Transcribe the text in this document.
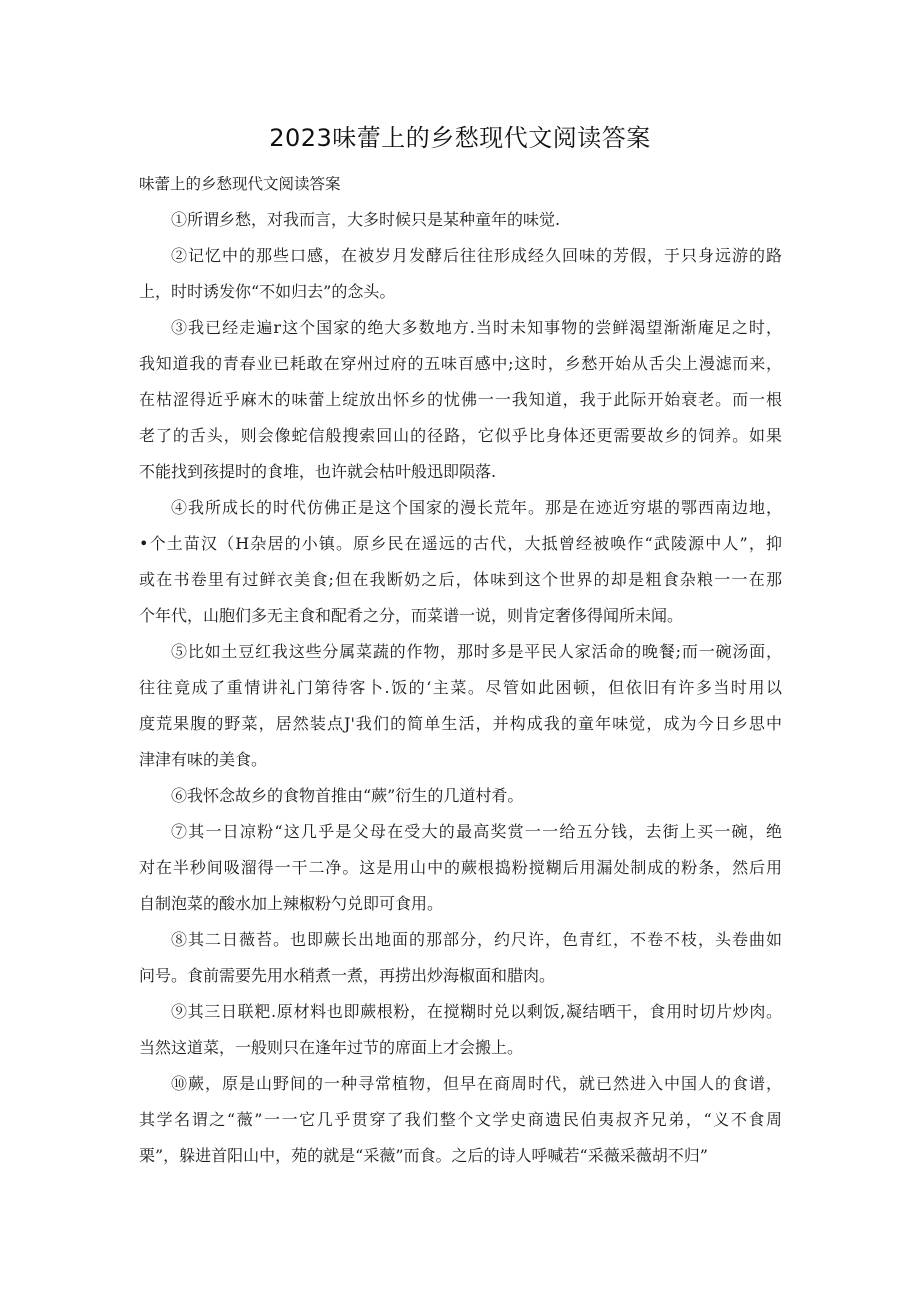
2023味蕾上的乡愁现代文阅读答案

味蕾上的乡愁现代文阅读答案

①所谓乡愁，对我而言，大多时候只是某种童年的味觉.

②记忆中的那些口感，在被岁月发酵后往往形成经久回味的芳假，于只身远游的路
上，时时诱发你“不如归去”的念头。

③我已经走遍r这个国家的绝大多数地方.当时未知事物的尝鲜渴望渐渐庵足之时，
我知道我的青春业已耗敢在穿州过府的五味百感中;这时，乡愁开始从舌尖上漫滤而来，
在枯涩得近乎麻木的味蕾上绽放出怀乡的忧佛一一我知道，我于此际开始衰老。而一根
老了的舌头，则会像蛇信般搜索回山的径路，它似乎比身体还更需要故乡的饲养。如果
不能找到孩提时的食堆，也许就会枯叶般迅即陨落.

④我所成长的时代仿佛正是这个国家的漫长荒年。那是在迹近穷堪的鄂西南边地，
•个土苗汉（H杂居的小镇。原乡民在遥远的古代，大抵曾经被唤作“武陵源中人”，抑
或在书卷里有过鲜衣美食;但在我断奶之后，体味到这个世界的却是粗食杂粮一一在那
个年代，山胞们多无主食和配肴之分，而菜谱一说，则肯定奢侈得闻所未闻。

⑤比如土豆红我这些分属菜蔬的作物，那时多是平民人家活命的晚餐;而一碗汤面，
往往竟成了重情讲礼门第待客卜.饭的‘主菜。尽管如此困顿，但依旧有许多当时用以
度荒果腹的野菜，居然装点J'我们的简单生活，并构成我的童年味觉，成为今日乡思中
津津有味的美食。

⑥我怀念故乡的食物首推由“蕨”衍生的几道村肴。

⑦其一日凉粉“这几乎是父母在受大的最高奖赏一一给五分钱，去街上买一碗，绝
对在半秒间吸溜得一干二净。这是用山中的蕨根捣粉搅糊后用漏处制成的粉条，然后用
自制泡菜的酸水加上辣椒粉勺兑即可食用。

⑧其二日薇苔。也即蕨长出地面的那部分，约尺许，色青红，不卷不枝，头卷曲如
问号。食前需要先用水稍煮一煮，再捞出炒海椒面和腊肉。

⑨其三日联粑.原材料也即蕨根粉，在搅糊时兑以剩饭,凝结晒干，食用时切片炒肉。
当然这道菜，一般则只在逢年过节的席面上才会搬上。

⑩蕨，原是山野间的一种寻常植物，但早在商周时代，就已然进入中国人的食谱，
其学名谓之“薇”一一它几乎贯穿了我们整个文学史商遗民伯夷叔齐兄弟，“义不食周
栗”，躲进首阳山中，苑的就是“采薇”而食。之后的诗人呼喊若“采薇采薇胡不归”
